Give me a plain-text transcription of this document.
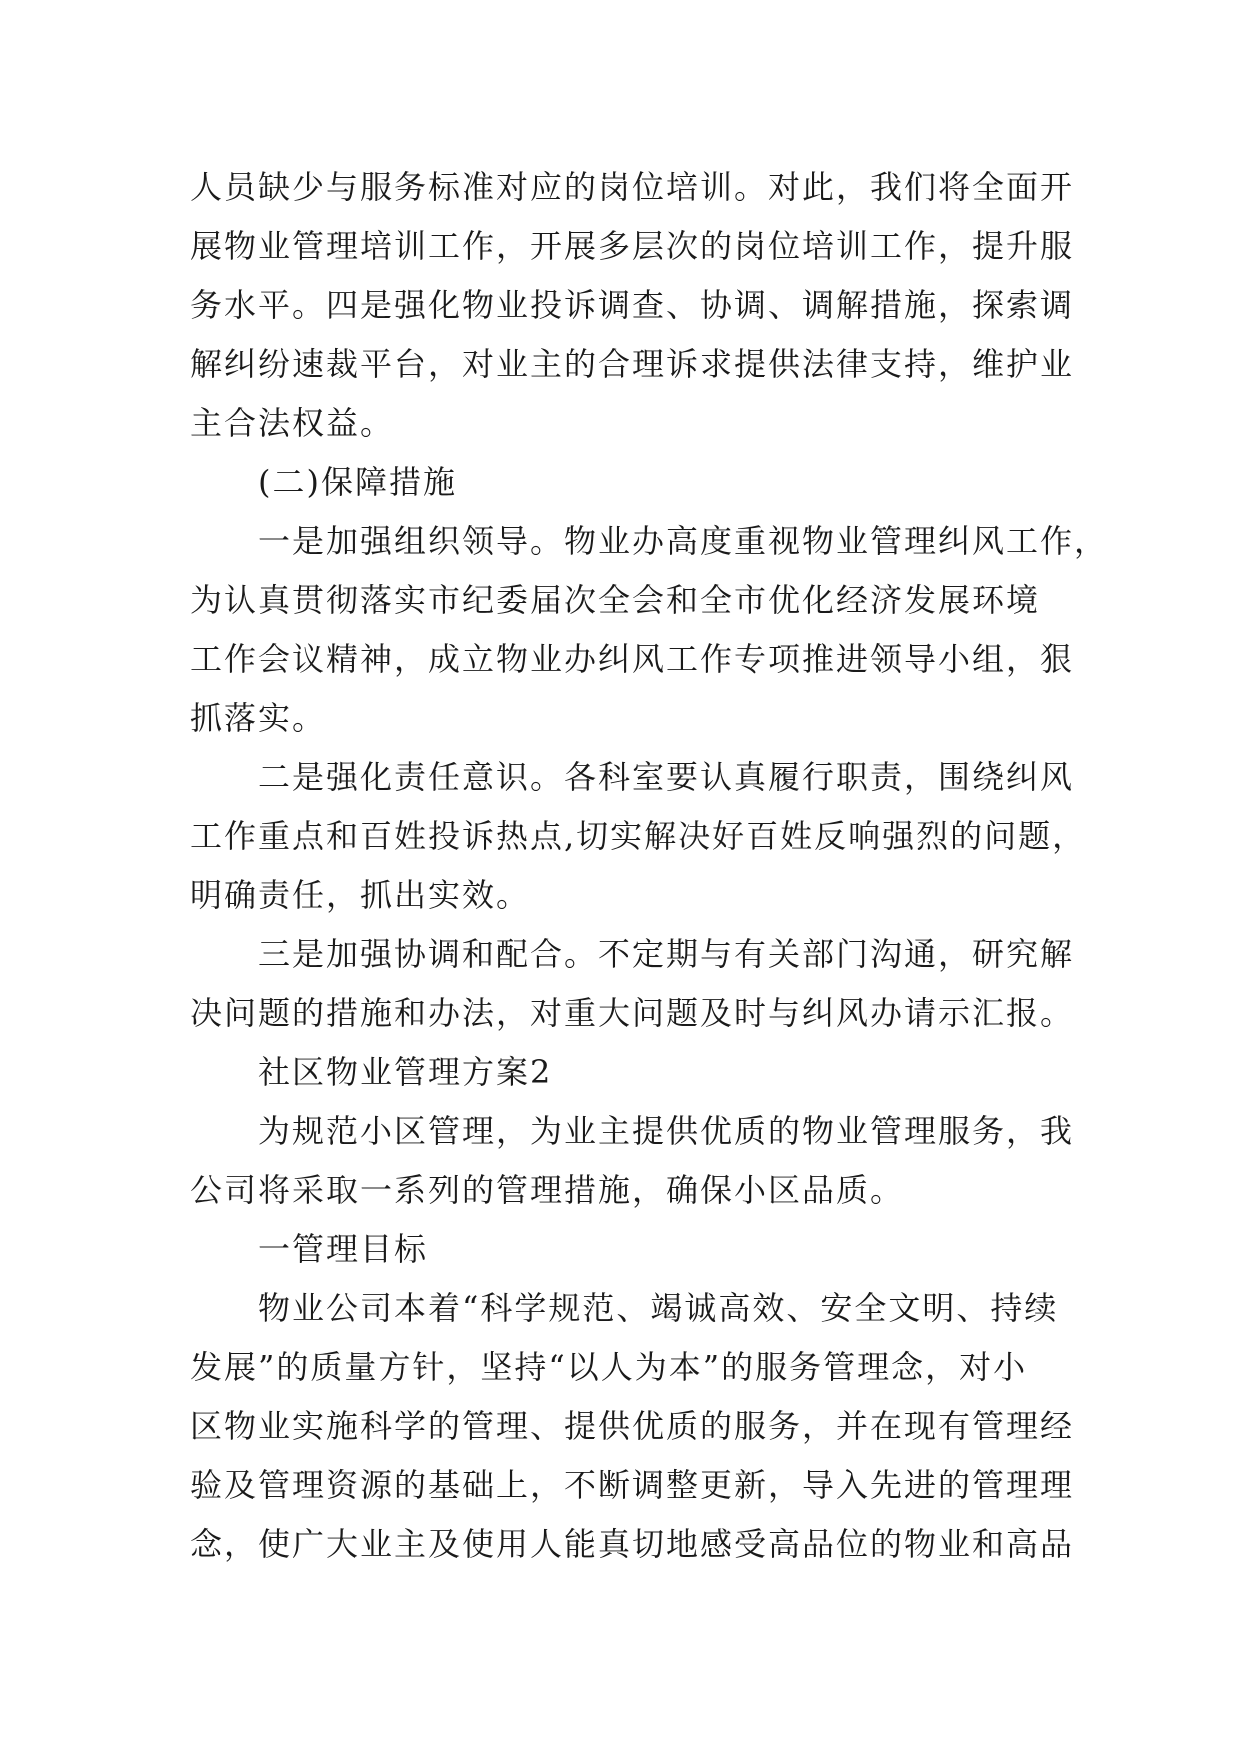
人员缺少与服务标准对应的岗位培训。对此，我们将全面开
展物业管理培训工作，开展多层次的岗位培训工作，提升服
务水平。四是强化物业投诉调查、协调、调解措施，探索调
解纠纷速裁平台，对业主的合理诉求提供法律支持，维护业
主合法权益。
(二)保障措施
一是加强组织领导。物业办高度重视物业管理纠风工作，
为认真贯彻落实市纪委届次全会和全市优化经济发展环境
工作会议精神，成立物业办纠风工作专项推进领导小组，狠
抓落实。
二是强化责任意识。各科室要认真履行职责，围绕纠风
工作重点和百姓投诉热点,切实解决好百姓反响强烈的问题，
明确责任，抓出实效。
三是加强协调和配合。不定期与有关部门沟通，研究解
决问题的措施和办法，对重大问题及时与纠风办请示汇报。
社区物业管理方案2
为规范小区管理，为业主提供优质的物业管理服务，我
公司将采取一系列的管理措施，确保小区品质。
一管理目标
物业公司本着“科学规范、竭诚高效、安全文明、持续
发展”的质量方针，坚持“以人为本”的服务管理念，对小
区物业实施科学的管理、提供优质的服务，并在现有管理经
验及管理资源的基础上，不断调整更新，导入先进的管理理
念，使广大业主及使用人能真切地感受高品位的物业和高品
